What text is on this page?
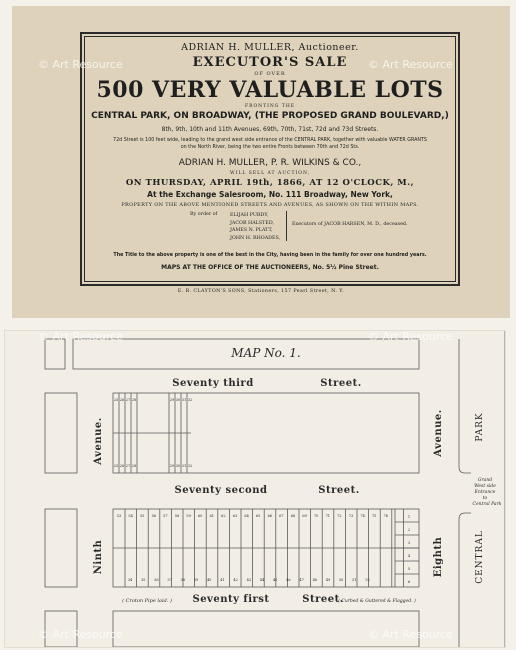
ADRIAN H. MULLER, Auctioneer.
EXECUTOR'S SALE
OF OVER
500 VERY VALUABLE LOTS
FRONTING THE
CENTRAL PARK, ON BROADWAY, (THE PROPOSED GRAND BOULEVARD,)
8th, 9th, 10th and 11th Avenues, 69th, 70th, 71st, 72d and 73d Streets.
72d Street is 100 feet wide, leading to the grand west side entrance of the CENTRAL PARK, together with valuable WATER GRANTS
on the North River, being the two entire Fronts between 70th and 72d Sts.
ADRIAN H. MULLER, P. R. WILKINS & CO.,
WILL SELL AT AUCTION,
ON THURSDAY, APRIL 19th, 1866, AT 12 O'CLOCK, M.,
At the Exchange Salesroom, No. 111 Broadway, New York,
PROPERTY ON THE ABOVE MENTIONED STREETS AND AVENUES, AS SHOWN ON THE WITHIN MAPS.
By order of	ELIJAH PURDY,
JACOB HALSTED,
JAMES N. PLATT,
JOHN H. RHOADES,
Executors of JACOB HARSEN, M. D., deceased.
The Title to the above property is one of the best in the City, having been in the family for over one hundred years.
MAPS AT THE OFFICE OF THE AUCTIONEERS, No. 5½ Pine Street.
E. B. CLAYTON'S SONS, Stationers, 157 Pearl Street, N. Y.
MAP No. 1.
Seventy third	Street.
Seventy second	Street.
Seventy first	Street.
( Croton Pipe laid. )	( Curbed & Guttered & Flagged. )
Avenue.
Ninth
Avenue.
Eighth
PARK
CENTRAL
Grand
West side
Entrance
to
Central Park
25
25
26
26
27
27
28
28
29
29
30
30
31
31
32
32
53 54 55 56 57 58 59 60 61 62 63 64 65 66 67 68 69 70 71 72 73 74 75 76
34 35 36 37 38 39 40 41 42 43 44 45 46 47 48 49 50 51 52
1
2
3
4
5
6
© Art Resource	© Art Resource
© Art Resource	© Art Resource
© Art Resource	© Art Resource
